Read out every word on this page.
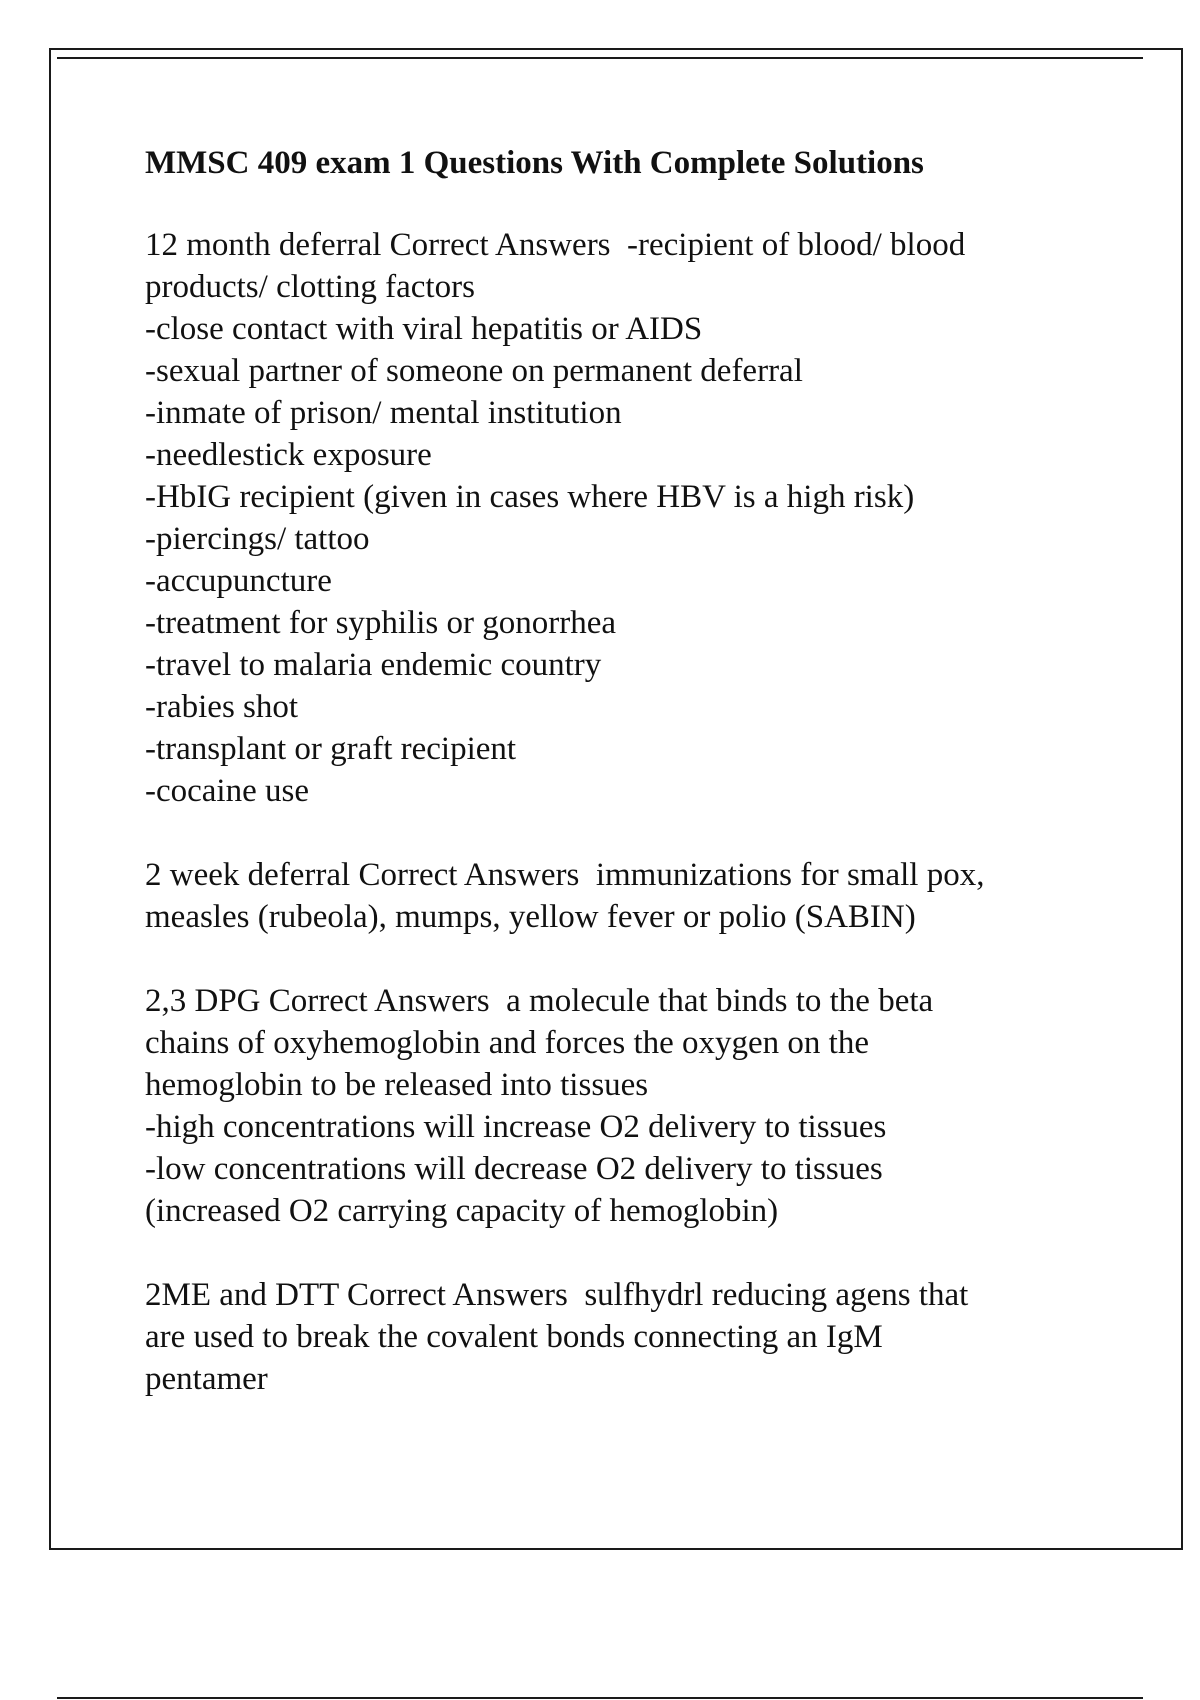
MMSC 409 exam 1 Questions With Complete Solutions
12 month deferral Correct Answers  -recipient of blood/ blood
products/ clotting factors
-close contact with viral hepatitis or AIDS
-sexual partner of someone on permanent deferral
-inmate of prison/ mental institution
-needlestick exposure
-HbIG recipient (given in cases where HBV is a high risk)
-piercings/ tattoo
-accupuncture
-treatment for syphilis or gonorrhea
-travel to malaria endemic country
-rabies shot
-transplant or graft recipient
-cocaine use
2 week deferral Correct Answers  immunizations for small pox,
measles (rubeola), mumps, yellow fever or polio (SABIN)
2,3 DPG Correct Answers  a molecule that binds to the beta
chains of oxyhemoglobin and forces the oxygen on the
hemoglobin to be released into tissues
-high concentrations will increase O2 delivery to tissues
-low concentrations will decrease O2 delivery to tissues
(increased O2 carrying capacity of hemoglobin)
2ME and DTT Correct Answers  sulfhydrl reducing agens that
are used to break the covalent bonds connecting an IgM
pentamer
